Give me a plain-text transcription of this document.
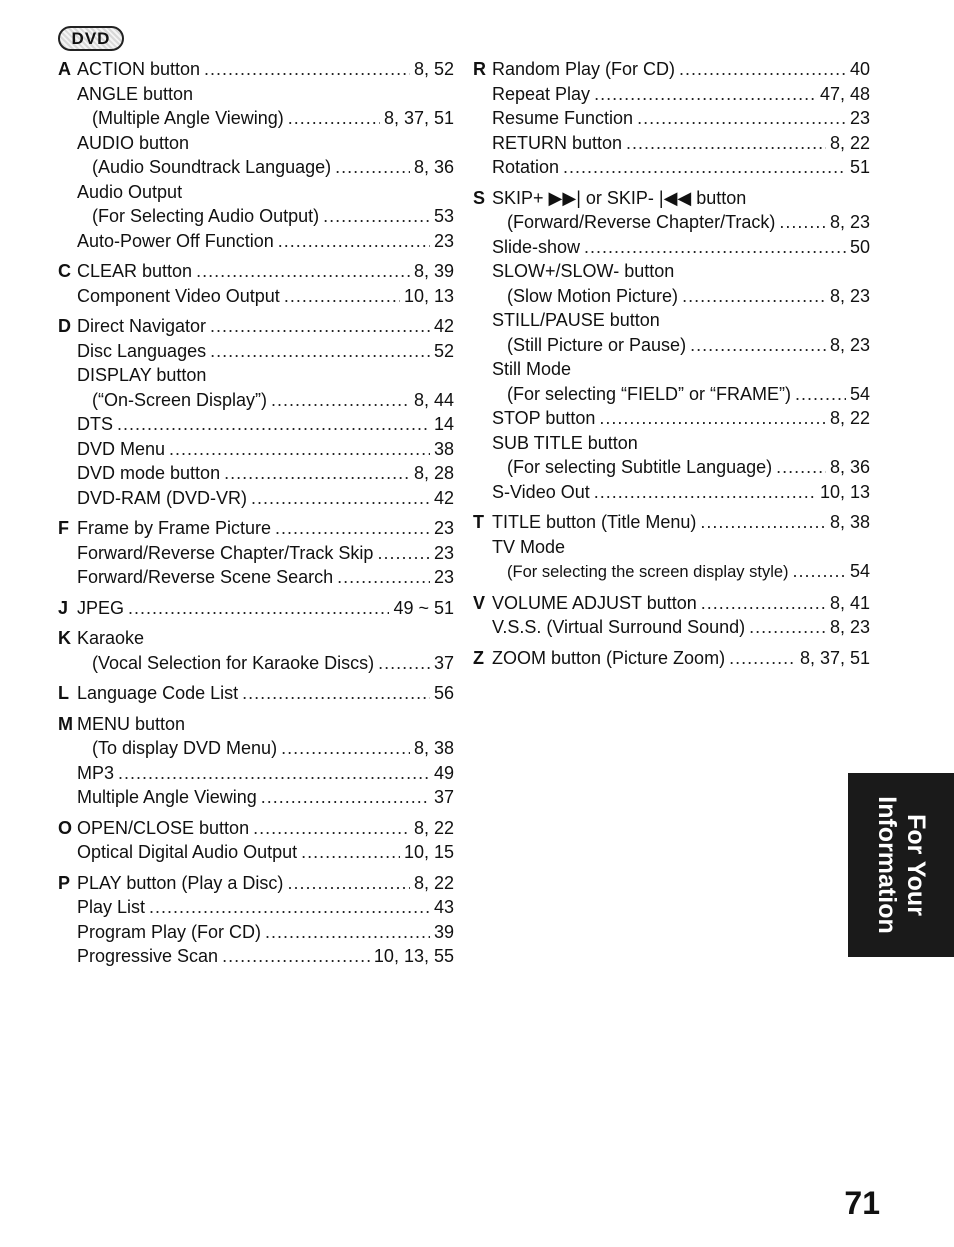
DVD
A ACTION button .....	8, 52
ANGLE button
(Multiple Angle Viewing) .....	8, 37, 51
AUDIO button
(Audio Soundtrack Language) .....	8, 36
Audio Output
(For Selecting Audio Output) .....	53
Auto-Power Off Function .....	23
C CLEAR button .....	8, 39
Component Video Output .....	10, 13
D Direct Navigator .....	42
Disc Languages .....	52
DISPLAY button
(“On-Screen Display”) .....	8, 44
DTS .....	14
DVD Menu .....	38
DVD mode button .....	8, 28
DVD-RAM (DVD-VR) .....	42
F Frame by Frame Picture .....	23
Forward/Reverse Chapter/Track Skip .....	23
Forward/Reverse Scene Search .....	23
J JPEG .....	49 ~ 51
K Karaoke
(Vocal Selection for Karaoke Discs) .....	37
L Language Code List .....	56
M MENU button
(To display DVD Menu) .....	8, 38
MP3 .....	49
Multiple Angle Viewing .....	37
O OPEN/CLOSE button .....	8, 22
Optical Digital Audio Output .....	10, 15
P PLAY button (Play a Disc) .....	8, 22
Play List .....	43
Program Play (For CD) .....	39
Progressive Scan .....	10, 13, 55
R Random Play (For CD) .....	40
Repeat Play .....	47, 48
Resume Function .....	23
RETURN button .....	8, 22
Rotation .....	51
S SKIP+ ▶▶| or SKIP- |◀◀ button
(Forward/Reverse Chapter/Track) .....	8, 23
Slide-show .....	50
SLOW+/SLOW- button
(Slow Motion Picture) .....	8, 23
STILL/PAUSE button
(Still Picture or Pause) .....	8, 23
Still Mode
(For selecting “FIELD” or “FRAME”) .....	54
STOP button .....	8, 22
SUB TITLE button
(For selecting Subtitle Language) .....	8, 36
S-Video Out .....	10, 13
T TITLE button (Title Menu) .....	8, 38
TV Mode
(For selecting the screen display style) .....	54
V VOLUME ADJUST button .....	8, 41
V.S.S. (Virtual Surround Sound) .....	8, 23
Z ZOOM button (Picture Zoom) .....	8, 37, 51
For Your
Information
71
